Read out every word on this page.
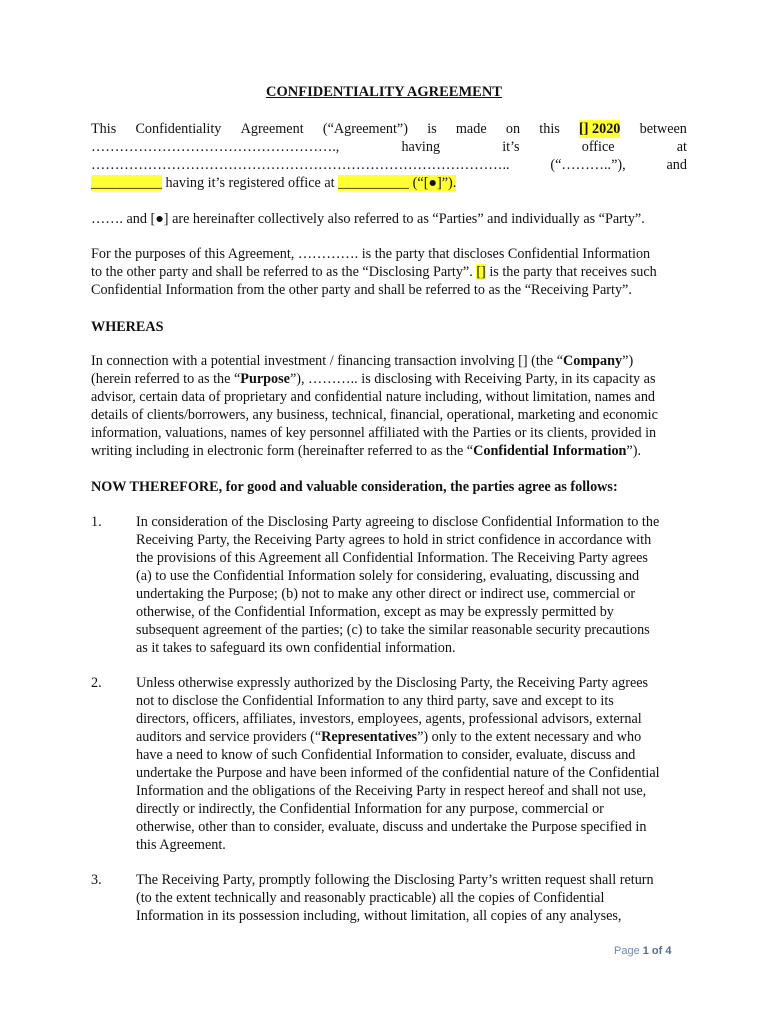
CONFIDENTIALITY AGREEMENT
This Confidentiality Agreement (“Agreement”) is made on this [] 2020 between
…………………………………………….,	having	it’s	office	at
……………………………………………………………………………..	(“………..”),	and
__________ having it’s registered office at __________ (“[●]”).
……. and [●] are hereinafter collectively also referred to as “Parties” and individually as “Party”.
For the purposes of this Agreement, …………. is the party that discloses Confidential Information
to the other party and shall be referred to as the “Disclosing Party”. [] is the party that receives such
Confidential Information from the other party and shall be referred to as the “Receiving Party”.
WHEREAS
In connection with a potential investment / financing transaction involving [] (the “Company”)
(herein referred to as the “Purpose”), ……….. is disclosing with Receiving Party, in its capacity as
advisor, certain data of proprietary and confidential nature including, without limitation, names and
details of clients/borrowers, any business, technical, financial, operational, marketing and economic
information, valuations, names of key personnel affiliated with the Parties or its clients, provided in
writing including in electronic form (hereinafter referred to as the “Confidential Information”).
NOW THEREFORE, for good and valuable consideration, the parties agree as follows:
1. In consideration of the Disclosing Party agreeing to disclose Confidential Information to the
Receiving Party, the Receiving Party agrees to hold in strict confidence in accordance with
the provisions of this Agreement all Confidential Information. The Receiving Party agrees
(a) to use the Confidential Information solely for considering, evaluating, discussing and
undertaking the Purpose; (b) not to make any other direct or indirect use, commercial or
otherwise, of the Confidential Information, except as may be expressly permitted by
subsequent agreement of the parties; (c) to take the similar reasonable security precautions
as it takes to safeguard its own confidential information.
2. Unless otherwise expressly authorized by the Disclosing Party, the Receiving Party agrees
not to disclose the Confidential Information to any third party, save and except to its
directors, officers, affiliates, investors, employees, agents, professional advisors, external
auditors and service providers (“Representatives”) only to the extent necessary and who
have a need to know of such Confidential Information to consider, evaluate, discuss and
undertake the Purpose and have been informed of the confidential nature of the Confidential
Information and the obligations of the Receiving Party in respect hereof and shall not use,
directly or indirectly, the Confidential Information for any purpose, commercial or
otherwise, other than to consider, evaluate, discuss and undertake the Purpose specified in
this Agreement.
3. The Receiving Party, promptly following the Disclosing Party’s written request shall return
(to the extent technically and reasonably practicable) all the copies of Confidential
Information in its possession including, without limitation, all copies of any analyses,
Page 1 of 4
